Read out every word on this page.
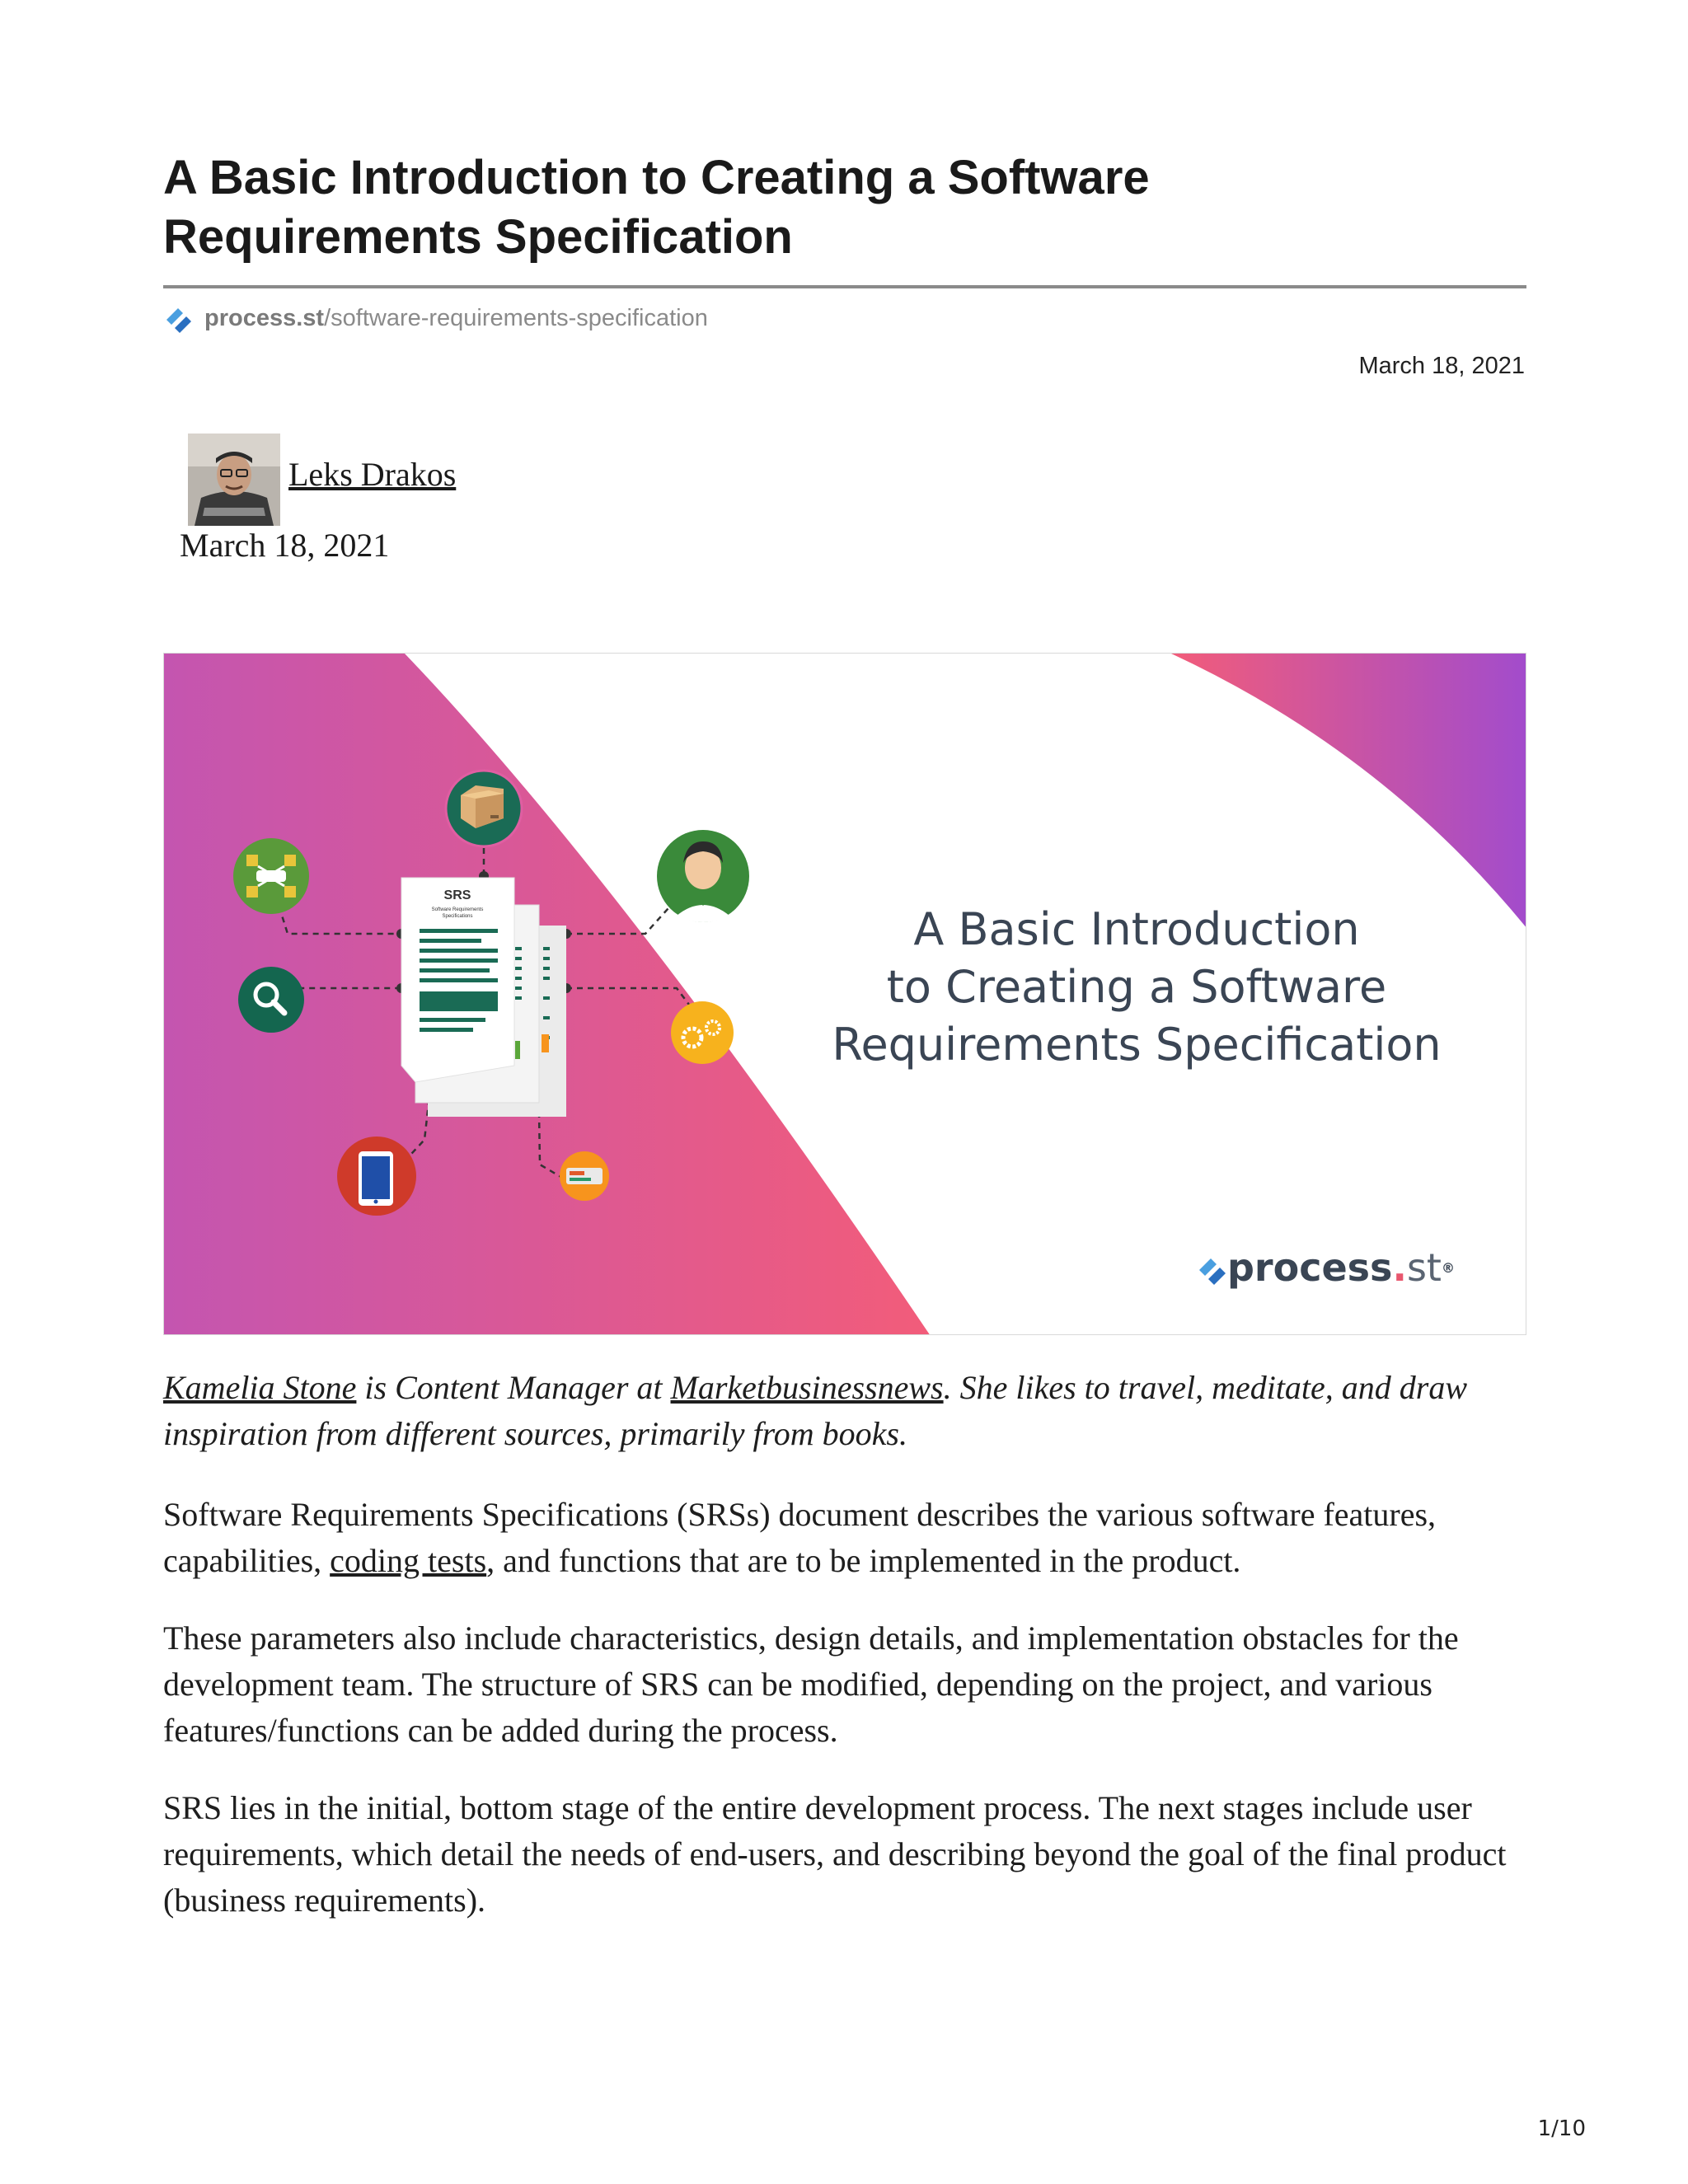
A Basic Introduction to Creating a Software Requirements Specification
process.st /software-requirements-specification
March 18, 2021
Leks Drakos
March 18, 2021
SRS
Software Requirements
Specifications	A Basic Introduction
to Creating a Software
Requirements Specification
process . st ®
Kamelia Stone is Content Manager at Marketbusinessnews. She likes to travel, meditate, and draw inspiration from different sources, primarily from books.
Software Requirements Specifications (SRSs) document describes the various software features, capabilities, coding tests, and functions that are to be implemented in the product.
These parameters also include characteristics, design details, and implementation obstacles for the development team. The structure of SRS can be modified, depending on the project, and various features/functions can be added during the process.
SRS lies in the initial, bottom stage of the entire development process. The next stages include user requirements, which detail the needs of end-users, and describing beyond the goal of the final product (business requirements).
1/10
